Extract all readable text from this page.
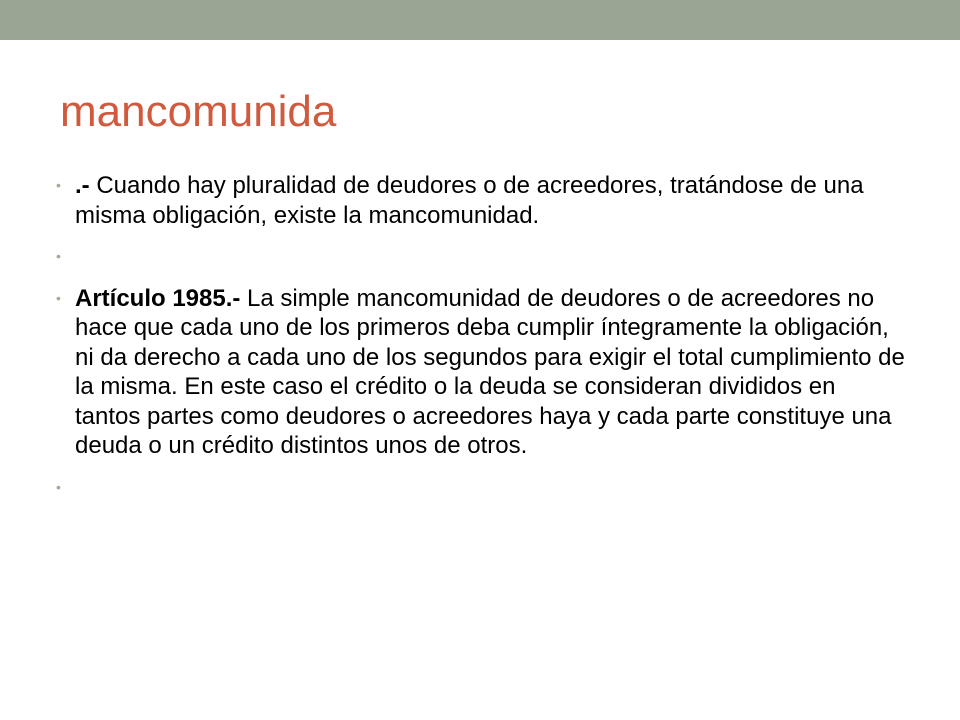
mancomunida
• .- Cuando hay pluralidad de deudores o de acreedores, tratándose de una misma obligación, existe la mancomunidad.
•
• Artículo 1985.- La simple mancomunidad de deudores o de acreedores no hace que cada uno de los primeros deba cumplir íntegramente la obligación, ni da derecho a cada uno de los segundos para exigir el total cumplimiento de la misma. En este caso el crédito o la deuda se consideran divididos en tantos partes como deudores o acreedores haya y cada parte constituye una deuda o un crédito distintos unos de otros.
•
